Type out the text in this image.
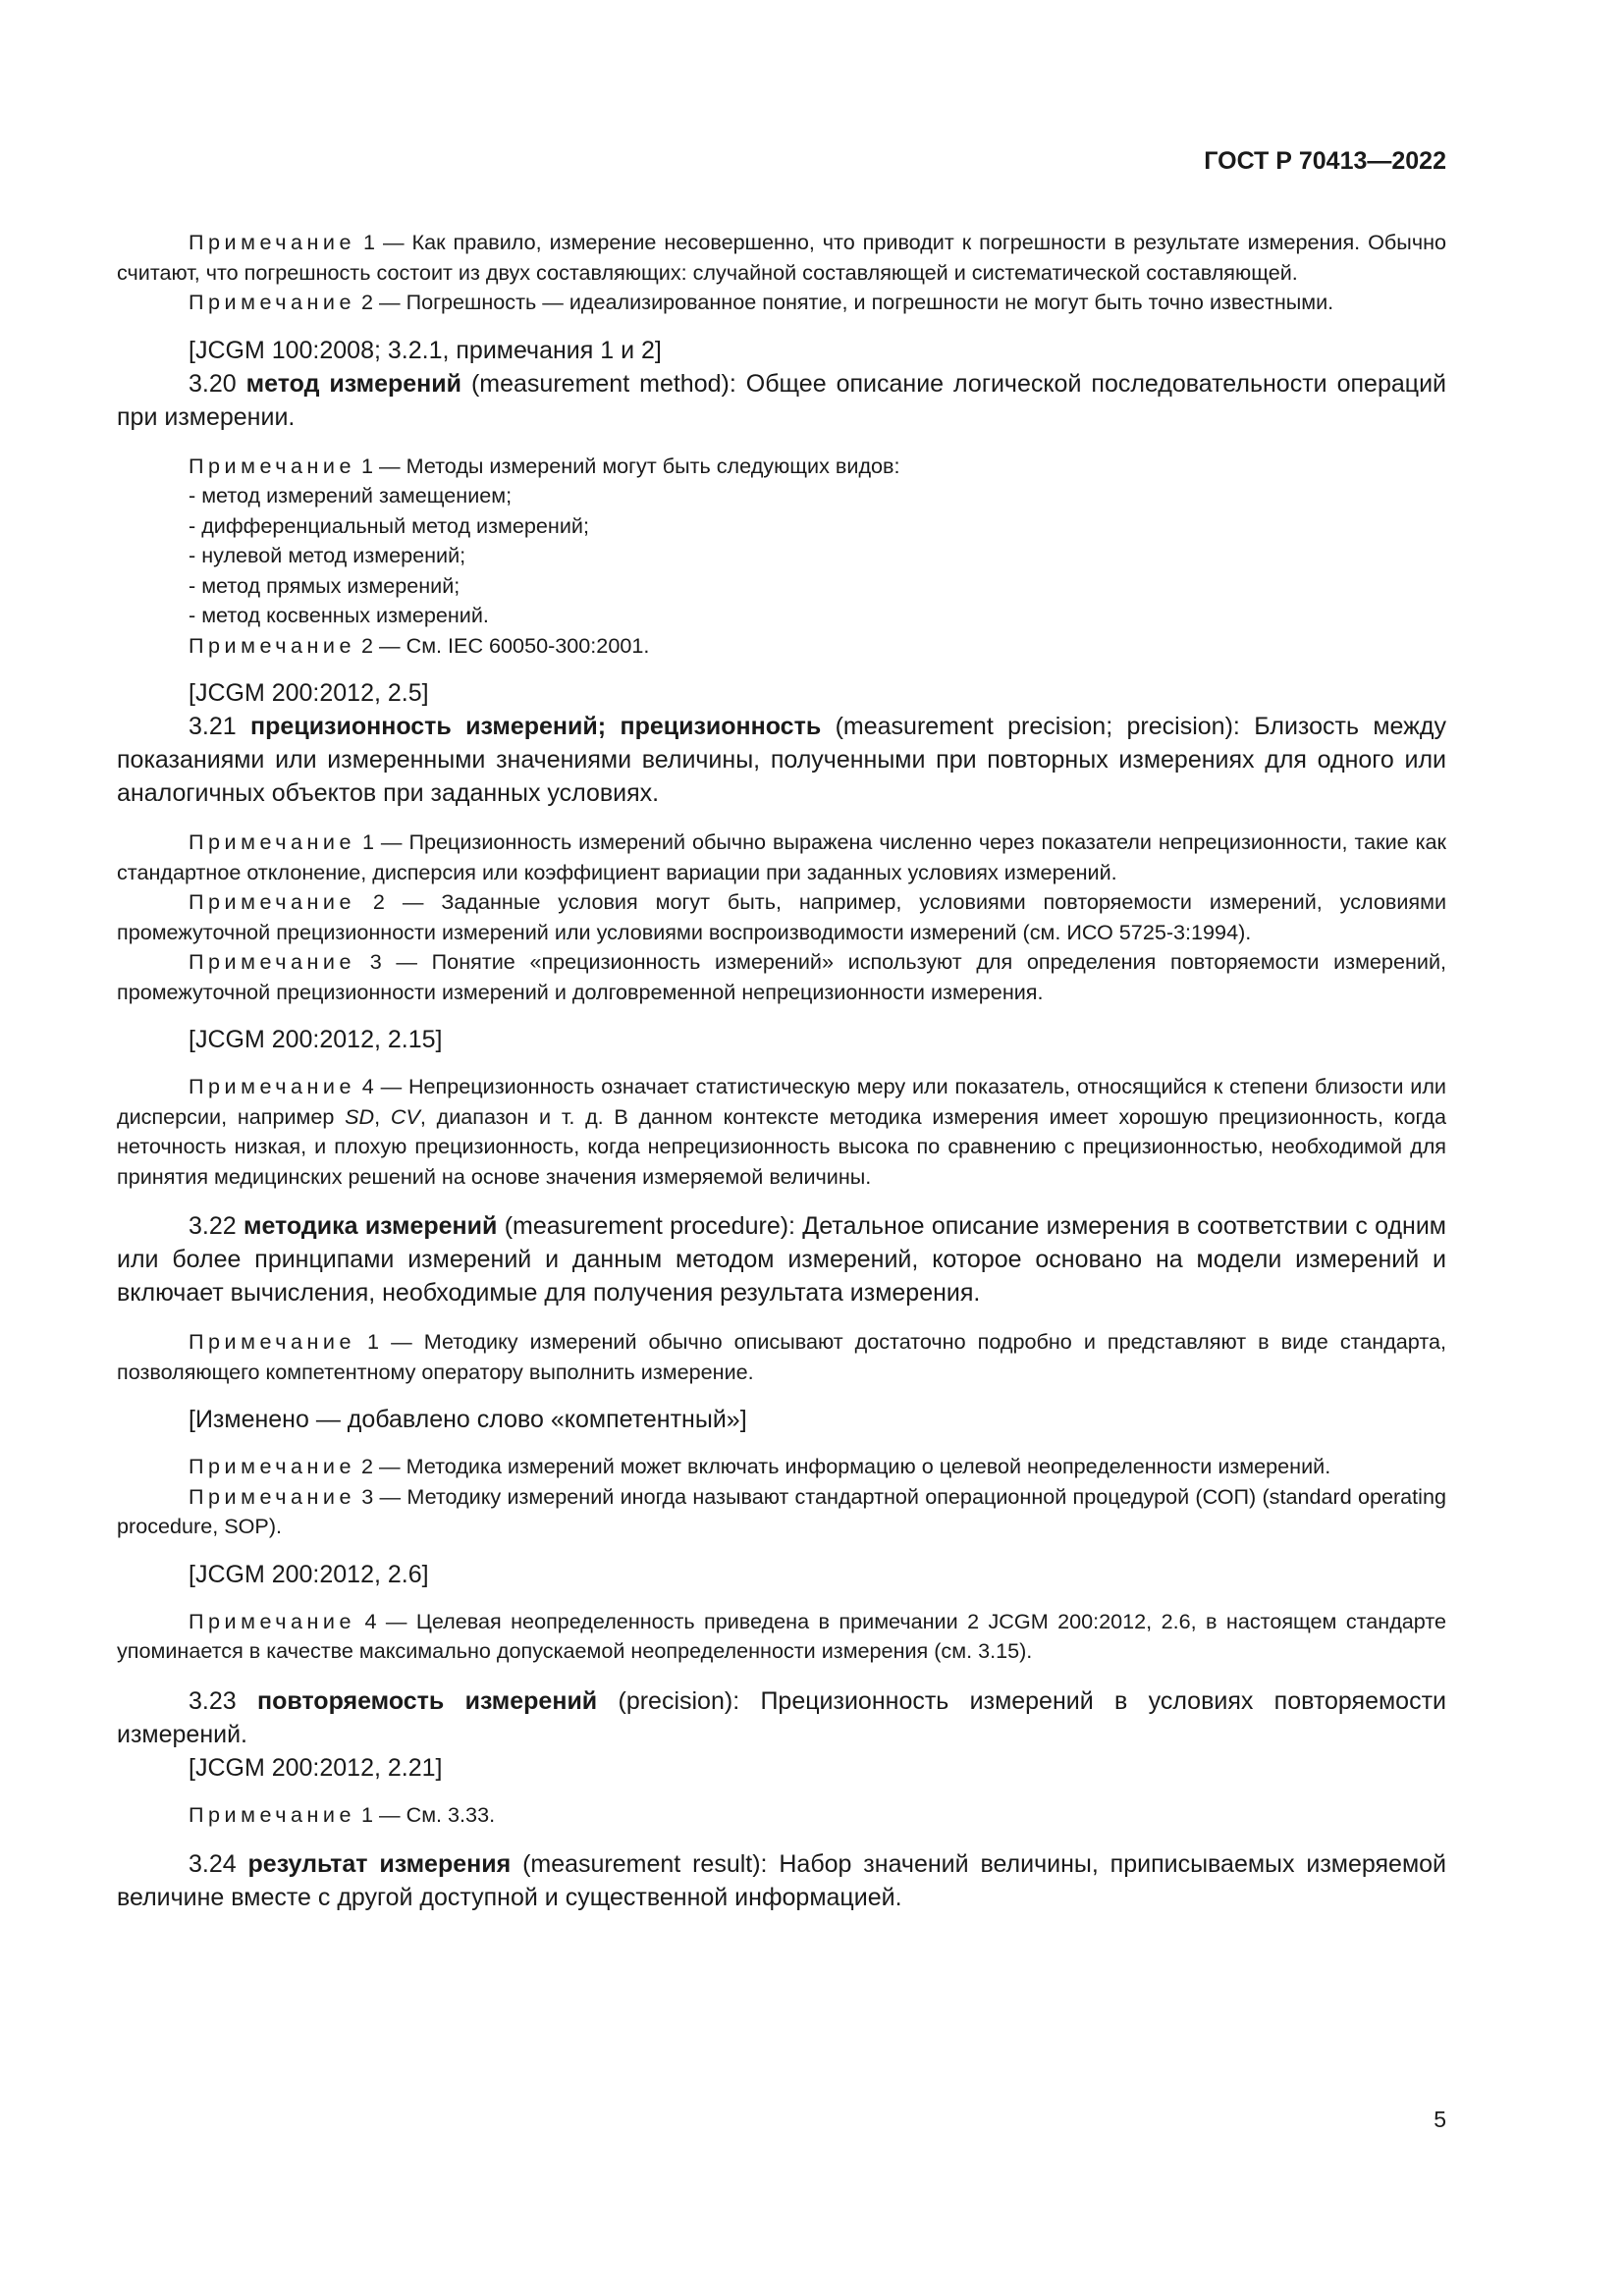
ГОСТ Р 70413—2022

Примечание 1 — Как правило, измерение несовершенно, что приводит к погрешности в результате измерения. Обычно считают, что погрешность состоит из двух составляющих: случайной составляющей и систематической составляющей.

Примечание 2 — Погрешность — идеализированное понятие, и погрешности не могут быть точно известными.

[JCGM 100:2008; 3.2.1, примечания 1 и 2]

3.20 метод измерений (measurement method): Общее описание логической последовательности операций при измерении.

Примечание 1 — Методы измерений могут быть следующих видов:

- метод измерений замещением;

- дифференциальный метод измерений;

- нулевой метод измерений;

- метод прямых измерений;

- метод косвенных измерений.

Примечание 2 — См. IEC 60050-300:2001.

[JCGM 200:2012, 2.5]

3.21 прецизионность измерений; прецизионность (measurement precision; precision): Близость между показаниями или измеренными значениями величины, полученными при повторных измерениях для одного или аналогичных объектов при заданных условиях.

Примечание 1 — Прецизионность измерений обычно выражена численно через показатели непрецизионности, такие как стандартное отклонение, дисперсия или коэффициент вариации при заданных условиях измерений.

Примечание 2 — Заданные условия могут быть, например, условиями повторяемости измерений, условиями промежуточной прецизионности измерений или условиями воспроизводимости измерений (см. ИСО 5725-3:1994).

Примечание 3 — Понятие «прецизионность измерений» используют для определения повторяемости измерений, промежуточной прецизионности измерений и долговременной непрецизионности измерения.

[JCGM 200:2012, 2.15]

Примечание 4 — Непрецизионность означает статистическую меру или показатель, относящийся к степени близости или дисперсии, например SD, CV, диапазон и т. д. В данном контексте методика измерения имеет хорошую прецизионность, когда неточность низкая, и плохую прецизионность, когда непрецизионность высока по сравнению с прецизионностью, необходимой для принятия медицинских решений на основе значения измеряемой величины.

3.22 методика измерений (measurement procedure): Детальное описание измерения в соответствии с одним или более принципами измерений и данным методом измерений, которое основано на модели измерений и включает вычисления, необходимые для получения результата измерения.

Примечание 1 — Методику измерений обычно описывают достаточно подробно и представляют в виде стандарта, позволяющего компетентному оператору выполнить измерение.

[Изменено — добавлено слово «компетентный»]

Примечание 2 — Методика измерений может включать информацию о целевой неопределенности измерений.

Примечание 3 — Методику измерений иногда называют стандартной операционной процедурой (СОП) (standard operating procedure, SOP).

[JCGM 200:2012, 2.6]

Примечание 4 — Целевая неопределенность приведена в примечании 2 JCGM 200:2012, 2.6, в настоящем стандарте упоминается в качестве максимально допускаемой неопределенности измерения (см. 3.15).

3.23 повторяемость измерений (precision): Прецизионность измерений в условиях повторяемости измерений.

[JCGM 200:2012, 2.21]

Примечание 1 — См. 3.33.

3.24 результат измерения (measurement result): Набор значений величины, приписываемых измеряемой величине вместе с другой доступной и существенной информацией.

5
